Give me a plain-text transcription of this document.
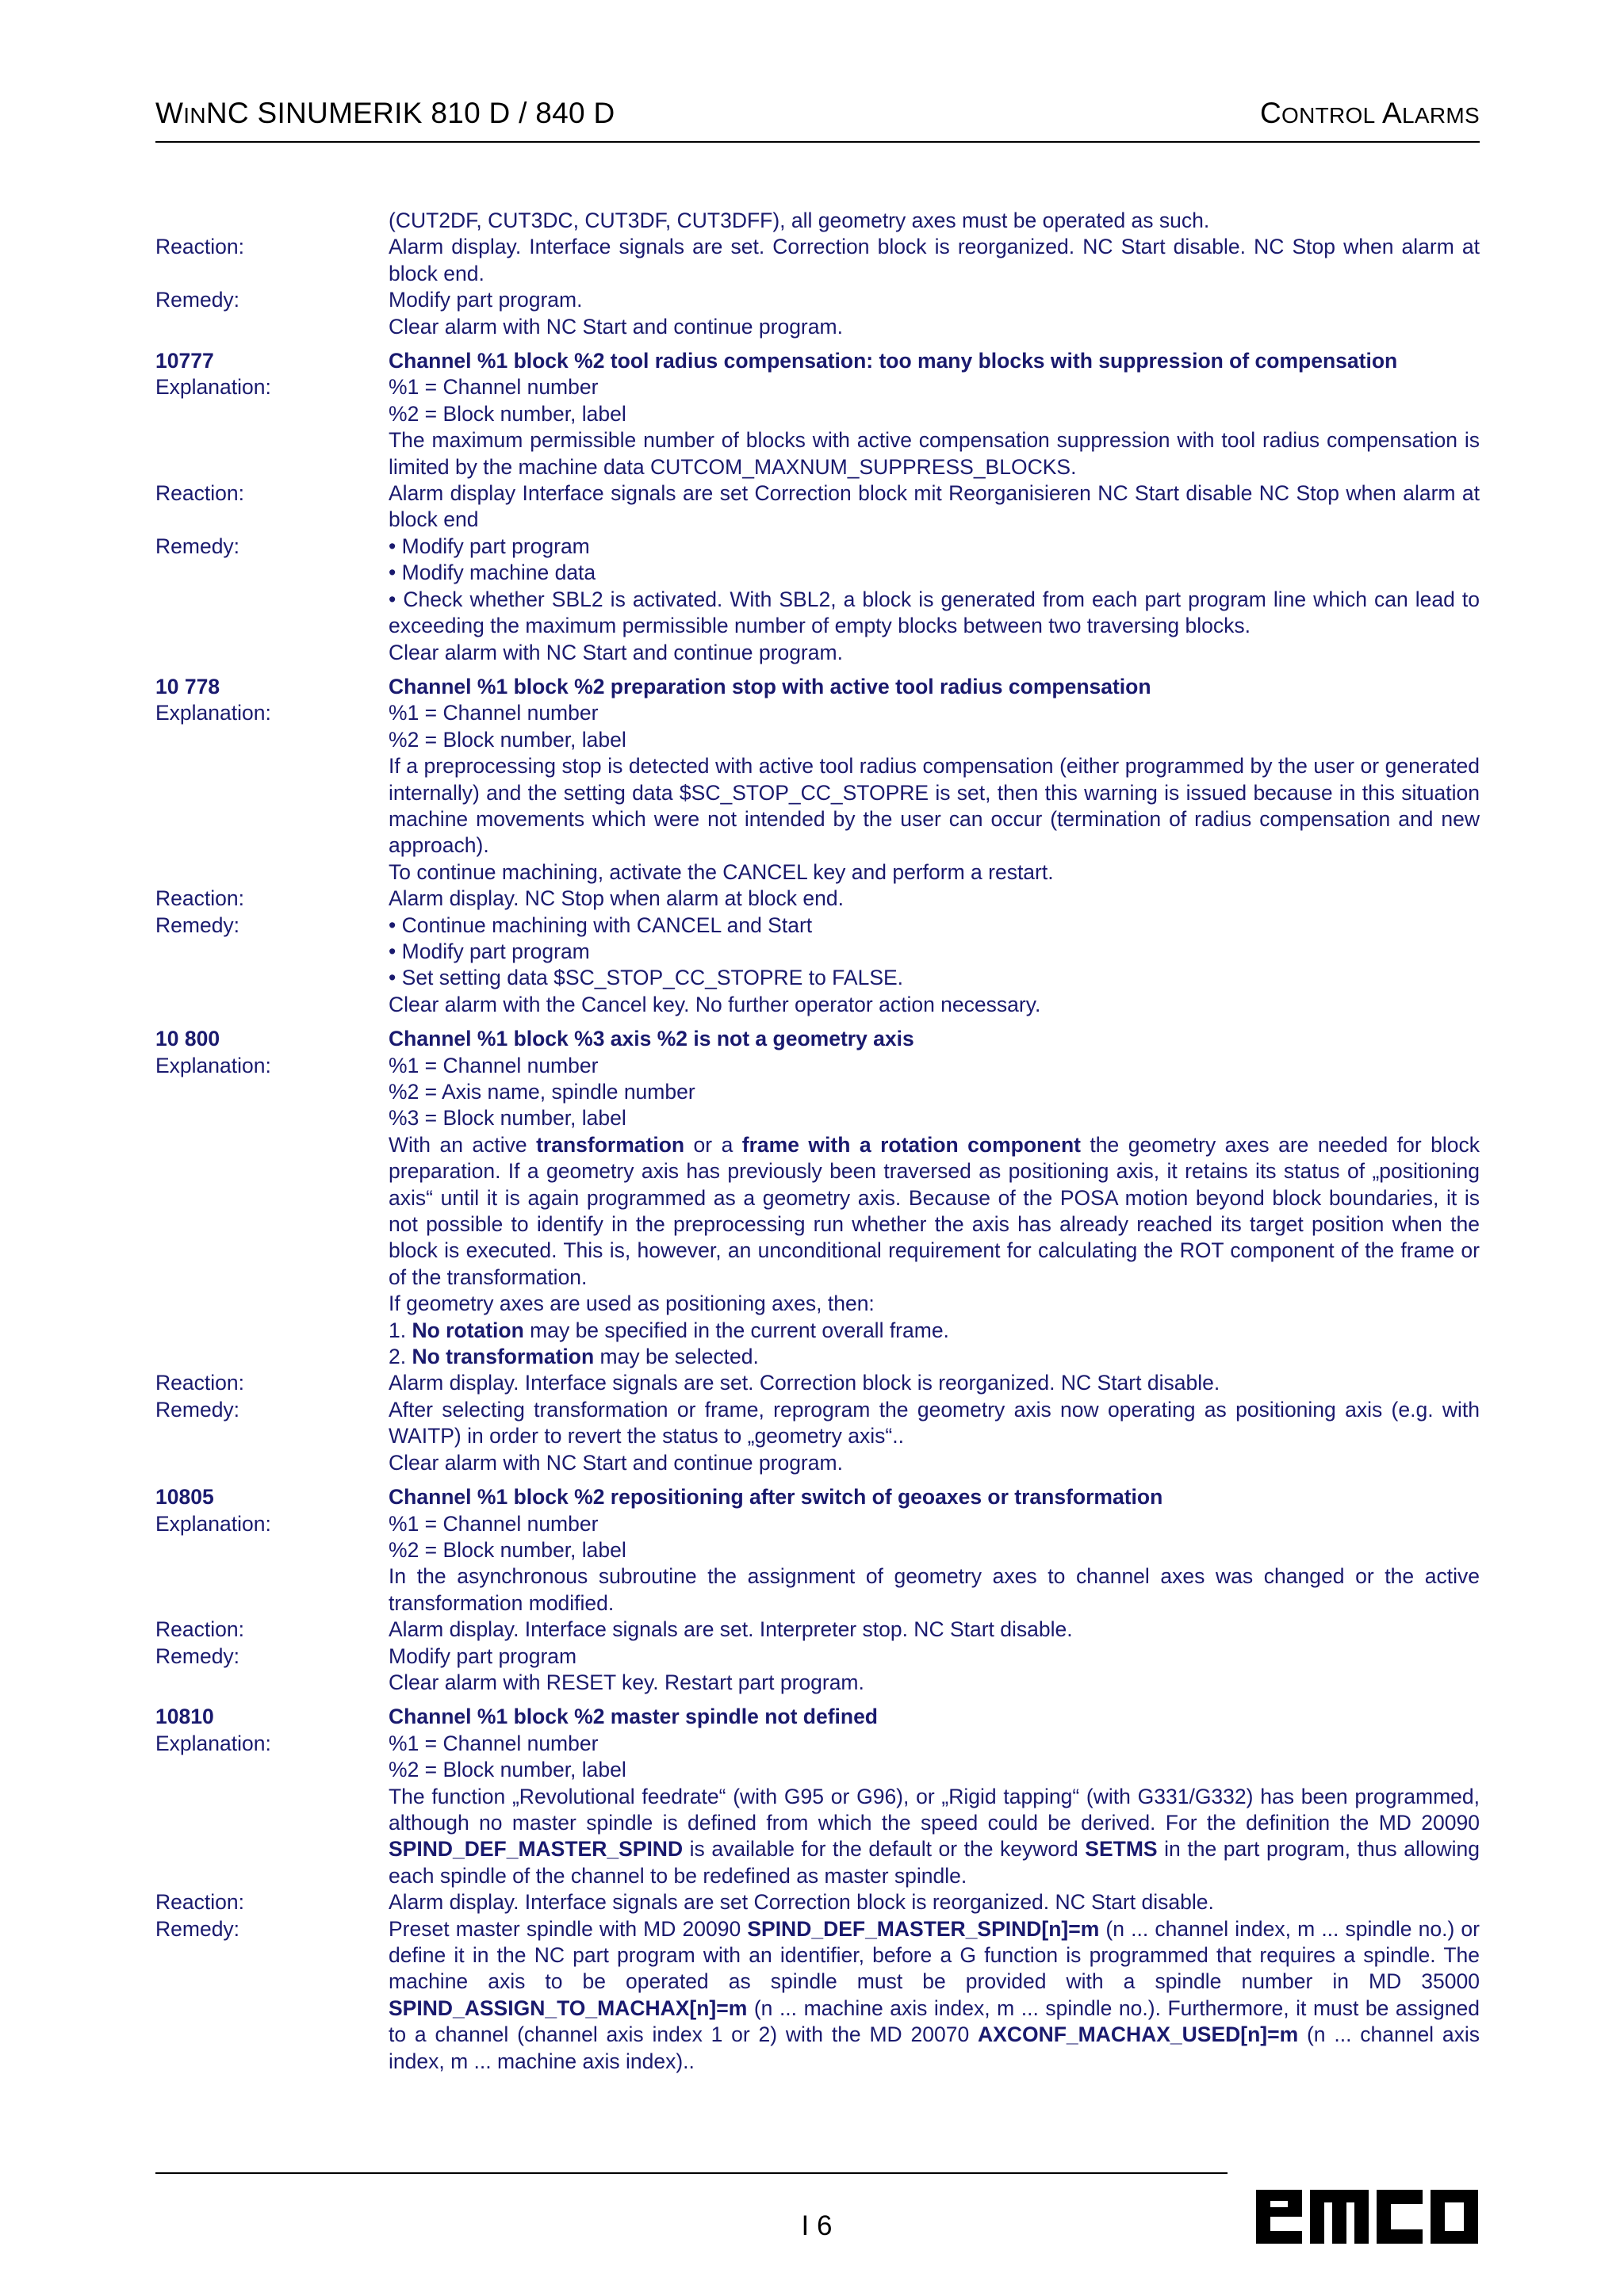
WINNC SINUMERIK 810 D / 840 D	CONTROL ALARMS
(CUT2DF, CUT3DC, CUT3DF, CUT3DFF), all geometry axes must be operated as such.
Reaction:	Alarm display. Interface signals are set. Correction block is reorganized. NC Start disable. NC Stop when alarm at block end.
Remedy:	Modify part program.
Clear alarm with NC Start and continue program.
10777	Channel %1 block %2 tool radius compensation: too many blocks with suppression of compensation
Explanation:	%1 = Channel number
%2 = Block number, label
The maximum permissible number of blocks with active compensation suppression with tool radius compensation is limited by the machine data CUTCOM_MAXNUM_SUPPRESS_BLOCKS.
Reaction:	Alarm display Interface signals are set Correction block mit Reorganisieren NC Start disable NC Stop when alarm at block end
Remedy:	• Modify part program
• Modify machine data
• Check whether SBL2 is activated. With SBL2, a block is generated from each part program line which can lead to exceeding the maximum permissible number of empty blocks between two traversing blocks.
Clear alarm with NC Start and continue program.
10 778	Channel %1 block %2 preparation stop with active tool radius compensation
Explanation:	%1 = Channel number
%2 = Block number, label
If a preprocessing stop is detected with active tool radius compensation (either programmed by the user or generated internally) and the setting data $SC_STOP_CC_STOPRE is set, then this warning is issued because in this situation machine movements which were not intended by the user can occur (termination of radius compensation and new approach).
To continue machining, activate the CANCEL key and perform a restart.
Reaction:	Alarm display. NC Stop when alarm at block end.
Remedy:	• Continue machining with CANCEL and Start
• Modify part program
• Set setting data $SC_STOP_CC_STOPRE to FALSE.
Clear alarm with the Cancel key. No further operator action necessary.
10 800	Channel %1 block %3 axis %2 is not a geometry axis
Explanation:	%1 = Channel number
%2 = Axis name, spindle number
%3 = Block number, label
With an active transformation or a frame with a rotation component the geometry axes are needed for block preparation. If a geometry axis has previously been traversed as positioning axis, it retains its status of „positioning axis“ until it is again programmed as a geometry axis. Because of the POSA motion beyond block boundaries, it is not possible to identify in the preprocessing run whether the axis has already reached its target position when the block is executed. This is, however, an unconditional requirement for calculating the ROT component of the frame or of the transformation.
If geometry axes are used as positioning axes, then:
1. No rotation may be specified in the current overall frame.
2. No transformation may be selected.
Reaction:	Alarm display. Interface signals are set. Correction block is reorganized. NC Start disable.
Remedy:	After selecting transformation or frame, reprogram the geometry axis now operating as positioning axis (e.g. with WAITP) in order to revert the status to „geometry axis“..
Clear alarm with NC Start and continue program.
10805	Channel %1 block %2 repositioning after switch of geoaxes or transformation
Explanation:	%1 = Channel number
%2 = Block number, label
In the asynchronous subroutine the assignment of geometry axes to channel axes was changed or the active transformation modified.
Reaction:	Alarm display. Interface signals are set. Interpreter stop. NC Start disable.
Remedy:	Modify part program
Clear alarm with RESET key. Restart part program.
10810	Channel %1 block %2 master spindle not defined
Explanation:	%1 = Channel number
%2 = Block number, label
The function „Revolutional feedrate“ (with G95 or G96), or „Rigid tapping“ (with G331/G332) has been programmed, although no master spindle is defined from which the speed could be derived. For the definition the MD 20090 SPIND_DEF_MASTER_SPIND is available for the default or the keyword SETMS in the part program, thus allowing each spindle of the channel to be redefined as master spindle.
Reaction:	Alarm display. Interface signals are set Correction block is reorganized. NC Start disable.
Remedy:	Preset master spindle with MD 20090 SPIND_DEF_MASTER_SPIND[n]=m (n ... channel index, m ... spindle no.) or define it in the NC part program with an identifier, before a G function is programmed that requires a spindle. The machine axis to be operated as spindle must be provided with a spindle number in MD 35000 SPIND_ASSIGN_TO_MACHAX[n]=m (n ... machine axis index, m ... spindle no.). Furthermore, it must be assigned to a channel (channel axis index 1 or 2) with the MD 20070 AXCONF_MACHAX_USED[n]=m (n ... channel axis index, m ... machine axis index)..
I 6
